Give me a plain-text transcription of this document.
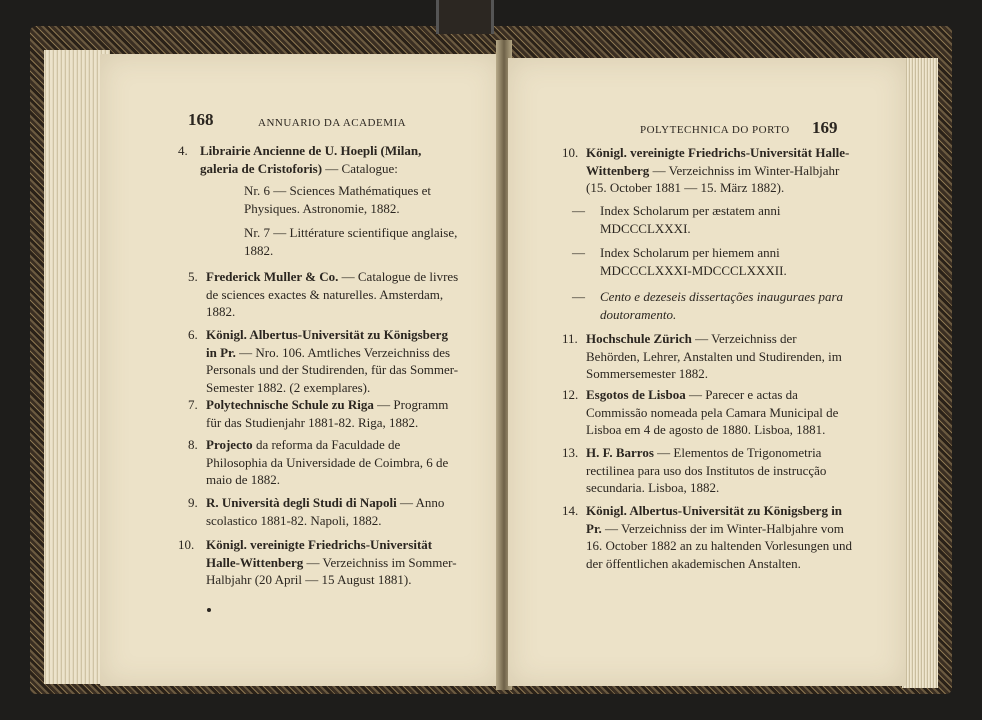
168	ANNUARIO DA ACADEMIA
4. Librairie Ancienne de U. Hoepli (Milan, galeria de Cristoforis) — Catalogue:
Nr. 6 — Sciences Mathématiques et Physiques. Astronomie, 1882.
Nr. 7 — Littérature scientifique anglaise, 1882.
5. Frederick Muller & Co. — Catalogue de livres de sciences exactes & naturelles. Amsterdam, 1882.
6. Königl. Albertus-Universität zu Königsberg in Pr. — Nro. 106. Amtliches Verzeichniss des Personals und der Studirenden, für das Sommer-Semester 1882. (2 exemplares).
7. Polytechnische Schule zu Riga — Programm für das Studienjahr 1881-82. Riga, 1882.
8. Projecto da reforma da Faculdade de Philosophia da Universidade de Coimbra, 6 de maio de 1882.
9. R. Università degli Studi di Napoli — Anno scolastico 1881-82. Napoli, 1882.
10. Königl. vereinigte Friedrichs-Universität Halle-Wittenberg — Verzeichniss im Sommer-Halbjahr (20 April — 15 August 1881).
POLYTECHNICA DO PORTO 169
10. Königl. vereinigte Friedrichs-Universität Halle-Wittenberg — Verzeichniss im Winter-Halbjahr (15. October 1881 — 15. März 1882).
—	Index Scholarum per æstatem anni MDCCCLXXXI.
—	Index Scholarum per hiemem anni MDCCCLXXXI-MDCCCLXXXII.
—	Cento e dezeseis dissertações inauguraes para doutoramento.
11. Hochschule Zürich — Verzeichniss der Behörden, Lehrer, Anstalten und Studirenden, im Sommersemester 1882.
12. Esgotos de Lisboa — Parecer e actas da Commissão nomeada pela Camara Municipal de Lisboa em 4 de agosto de 1880. Lisboa, 1881.
13. H. F. Barros — Elementos de Trigonometria rectilinea para uso dos Institutos de instrucção secundaria. Lisboa, 1882.
14. Königl. Albertus-Universität zu Königsberg in Pr. — Verzeichniss der im Winter-Halbjahre vom 16. October 1882 an zu haltenden Vorlesungen und der öffentlichen akademischen Anstalten.
